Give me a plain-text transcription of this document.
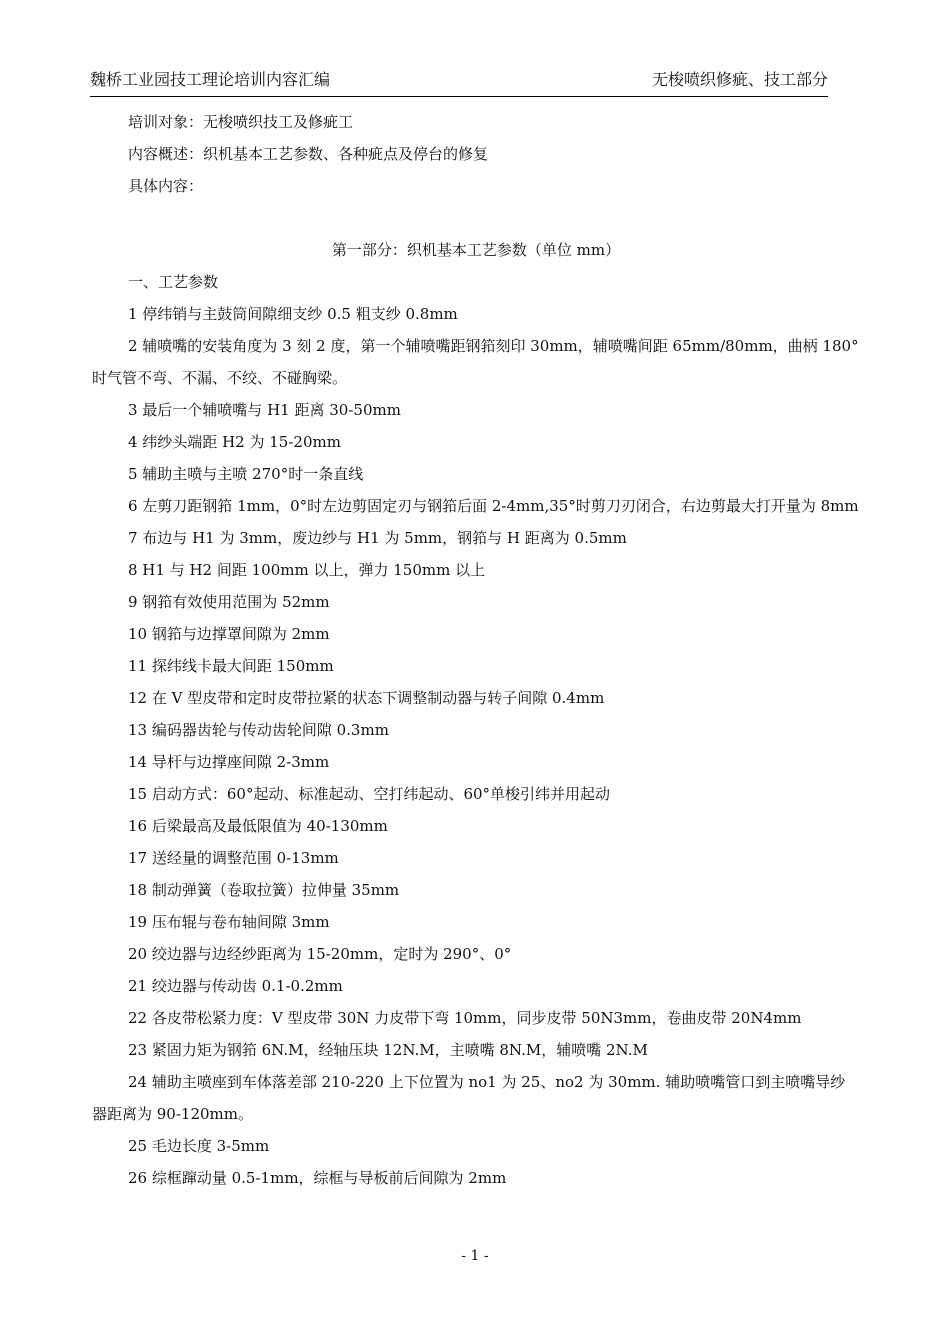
魏桥工业园技工理论培训内容汇编	无梭喷织修疵、技工部分

培训对象：无梭喷织技工及修疵工

内容概述：织机基本工艺参数、各种疵点及停台的修复

具体内容：

第一部分：织机基本工艺参数（单位 mm）

一、工艺参数

1 停纬销与主鼓筒间隙细支纱 0.5 粗支纱 0.8mm

2 辅喷嘴的安装角度为 3 刻 2 度，第一个辅喷嘴距钢筘刻印 30mm，辅喷嘴间距 65mm/80mm，曲柄 180°时气管不弯、不漏、不绞、不碰胸梁。

3 最后一个辅喷嘴与 H1 距离 30-50mm

4 纬纱头端距 H2 为 15-20mm

5 辅助主喷与主喷 270°时一条直线

6 左剪刀距钢筘 1mm，0°时左边剪固定刃与钢筘后面 2-4mm,35°时剪刀刃闭合，右边剪最大打开量为 8mm

7 布边与 H1 为 3mm，废边纱与 H1 为 5mm，钢筘与 H 距离为 0.5mm

8 H1 与 H2 间距 100mm 以上，弹力 150mm 以上

9 钢筘有效使用范围为 52mm

10 钢筘与边撑罩间隙为 2mm

11 探纬线卡最大间距 150mm

12 在 V 型皮带和定时皮带拉紧的状态下调整制动器与转子间隙 0.4mm

13 编码器齿轮与传动齿轮间隙 0.3mm

14 导杆与边撑座间隙 2-3mm

15 启动方式：60°起动、标准起动、空打纬起动、60°单梭引纬并用起动

16 后梁最高及最低限值为 40-130mm

17 送经量的调整范围 0-13mm

18 制动弹簧（卷取拉簧）拉伸量 35mm

19 压布辊与卷布轴间隙 3mm

20 绞边器与边经纱距离为 15-20mm，定时为 290°、0°

21 绞边器与传动齿 0.1-0.2mm

22 各皮带松紧力度：V 型皮带 30N 力皮带下弯 10mm，同步皮带 50N3mm，卷曲皮带 20N4mm

23 紧固力矩为钢筘 6N.M，经轴压块 12N.M，主喷嘴 8N.M，辅喷嘴 2N.M

24 辅助主喷座到车体落差部 210-220 上下位置为 no1 为 25、no2 为 30mm. 辅助喷嘴管口到主喷嘴导纱器距离为 90-120mm。

25 毛边长度 3-5mm

26 综框蹿动量 0.5-1mm，综框与导板前后间隙为 2mm

- 1 -
